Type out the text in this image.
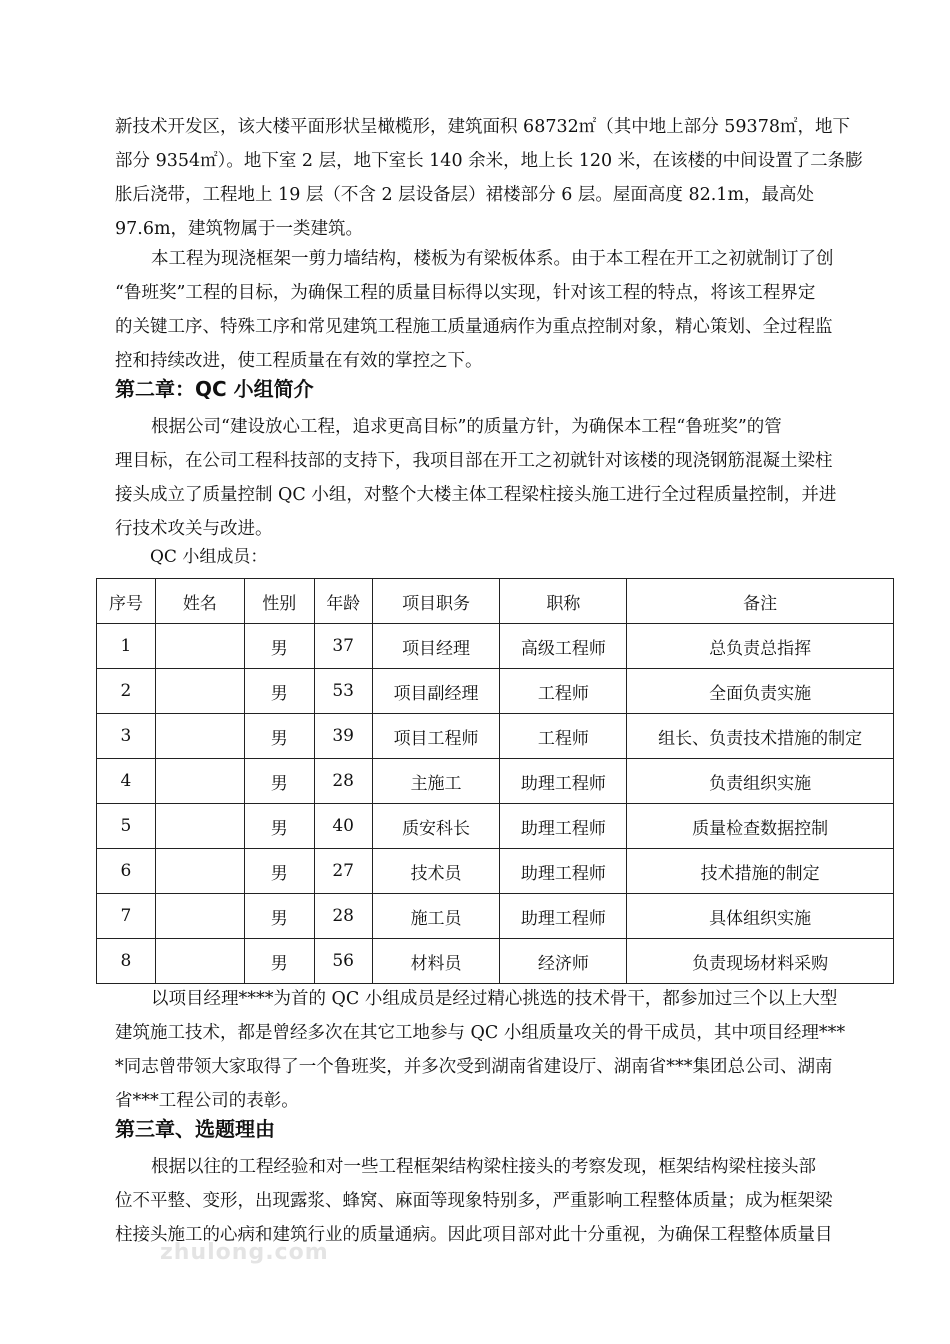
新技术开发区，该大楼平面形状呈橄榄形，建筑面积 68732㎡（其中地上部分 59378㎡，地下
部分 9354㎡）。地下室 2 层，地下室长 140 余米，地上长 120 米，在该楼的中间设置了二条膨
胀后浇带，工程地上 19 层（不含 2 层设备层）裙楼部分 6 层。屋面高度 82.1m，最高处
97.6m，建筑物属于一类建筑。
本工程为现浇框架一剪力墙结构，楼板为有梁板体系。由于本工程在开工之初就制订了创
“鲁班奖”工程的目标，为确保工程的质量目标得以实现，针对该工程的特点，将该工程界定
的关键工序、特殊工序和常见建筑工程施工质量通病作为重点控制对象，精心策划、全过程监
控和持续改进，使工程质量在有效的掌控之下。
第二章：QC 小组简介
根据公司“建设放心工程，追求更高目标”的质量方针，为确保本工程“鲁班奖”的管
理目标，在公司工程科技部的支持下，我项目部在开工之初就针对该楼的现浇钢筋混凝土梁柱
接头成立了质量控制 QC 小组，对整个大楼主体工程梁柱接头施工进行全过程质量控制，并进
行技术攻关与改进。
QC 小组成员：
序号	姓名	性别	年龄	项目职务	职称	备注
1		男	37	项目经理	高级工程师	总负责总指挥
2		男	53	项目副经理	工程师	全面负责实施
3		男	39	项目工程师	工程师	组长、负责技术措施的制定
4		男	28	主施工	助理工程师	负责组织实施
5		男	40	质安科长	助理工程师	质量检查数据控制
6		男	27	技术员	助理工程师	技术措施的制定
7		男	28	施工员	助理工程师	具体组织实施
8		男	56	材料员	经济师	负责现场材料采购
以项目经理****为首的 QC 小组成员是经过精心挑选的技术骨干，都参加过三个以上大型
建筑施工技术，都是曾经多次在其它工地参与 QC 小组质量攻关的骨干成员，其中项目经理***
*同志曾带领大家取得了一个鲁班奖，并多次受到湖南省建设厅、湖南省***集团总公司、湖南
省***工程公司的表彰。
第三章、选题理由
根据以往的工程经验和对一些工程框架结构梁柱接头的考察发现，框架结构梁柱接头部
位不平整、变形，出现露浆、蜂窝、麻面等现象特别多，严重影响工程整体质量；成为框架梁
柱接头施工的心病和建筑行业的质量通病。因此项目部对此十分重视，为确保工程整体质量目
zhulong.com
